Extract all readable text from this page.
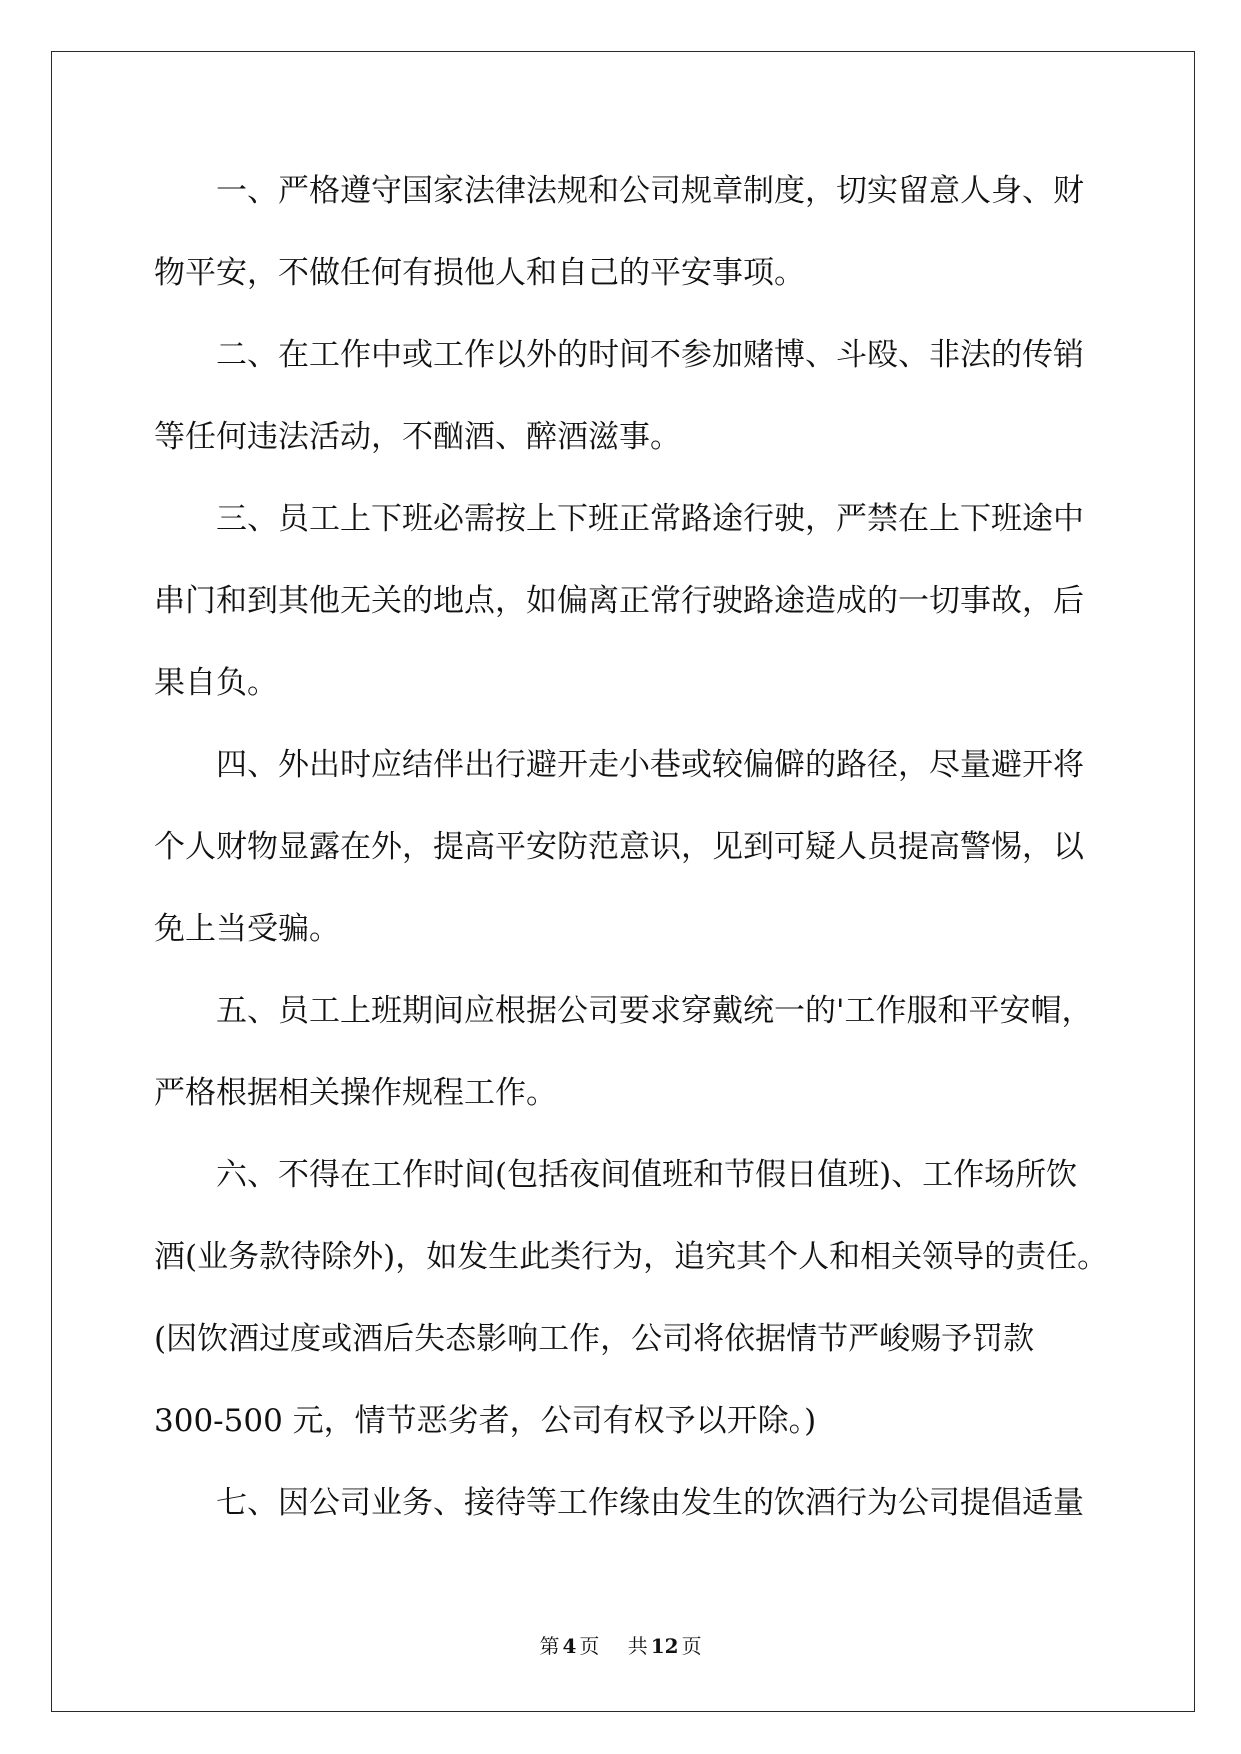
一、严格遵守国家法律法规和公司规章制度，切实留意人身、财
物平安，不做任何有损他人和自己的平安事项。
二、在工作中或工作以外的时间不参加赌博、斗殴、非法的传销
等任何违法活动，不酗酒、醉酒滋事。
三、员工上下班必需按上下班正常路途行驶，严禁在上下班途中
串门和到其他无关的地点，如偏离正常行驶路途造成的一切事故，后
果自负。
四、外出时应结伴出行避开走小巷或较偏僻的路径，尽量避开将
个人财物显露在外，提高平安防范意识，见到可疑人员提高警惕，以
免上当受骗。
五、员工上班期间应根据公司要求穿戴统一的'工作服和平安帽，
严格根据相关操作规程工作。
六、不得在工作时间(包括夜间值班和节假日值班)、工作场所饮
酒(业务款待除外)，如发生此类行为，追究其个人和相关领导的责任。
(因饮酒过度或酒后失态影响工作，公司将依据情节严峻赐予罚款
300-500 元，情节恶劣者，公司有权予以开除。)
七、因公司业务、接待等工作缘由发生的饮酒行为公司提倡适量
第 4 页 共 12 页
